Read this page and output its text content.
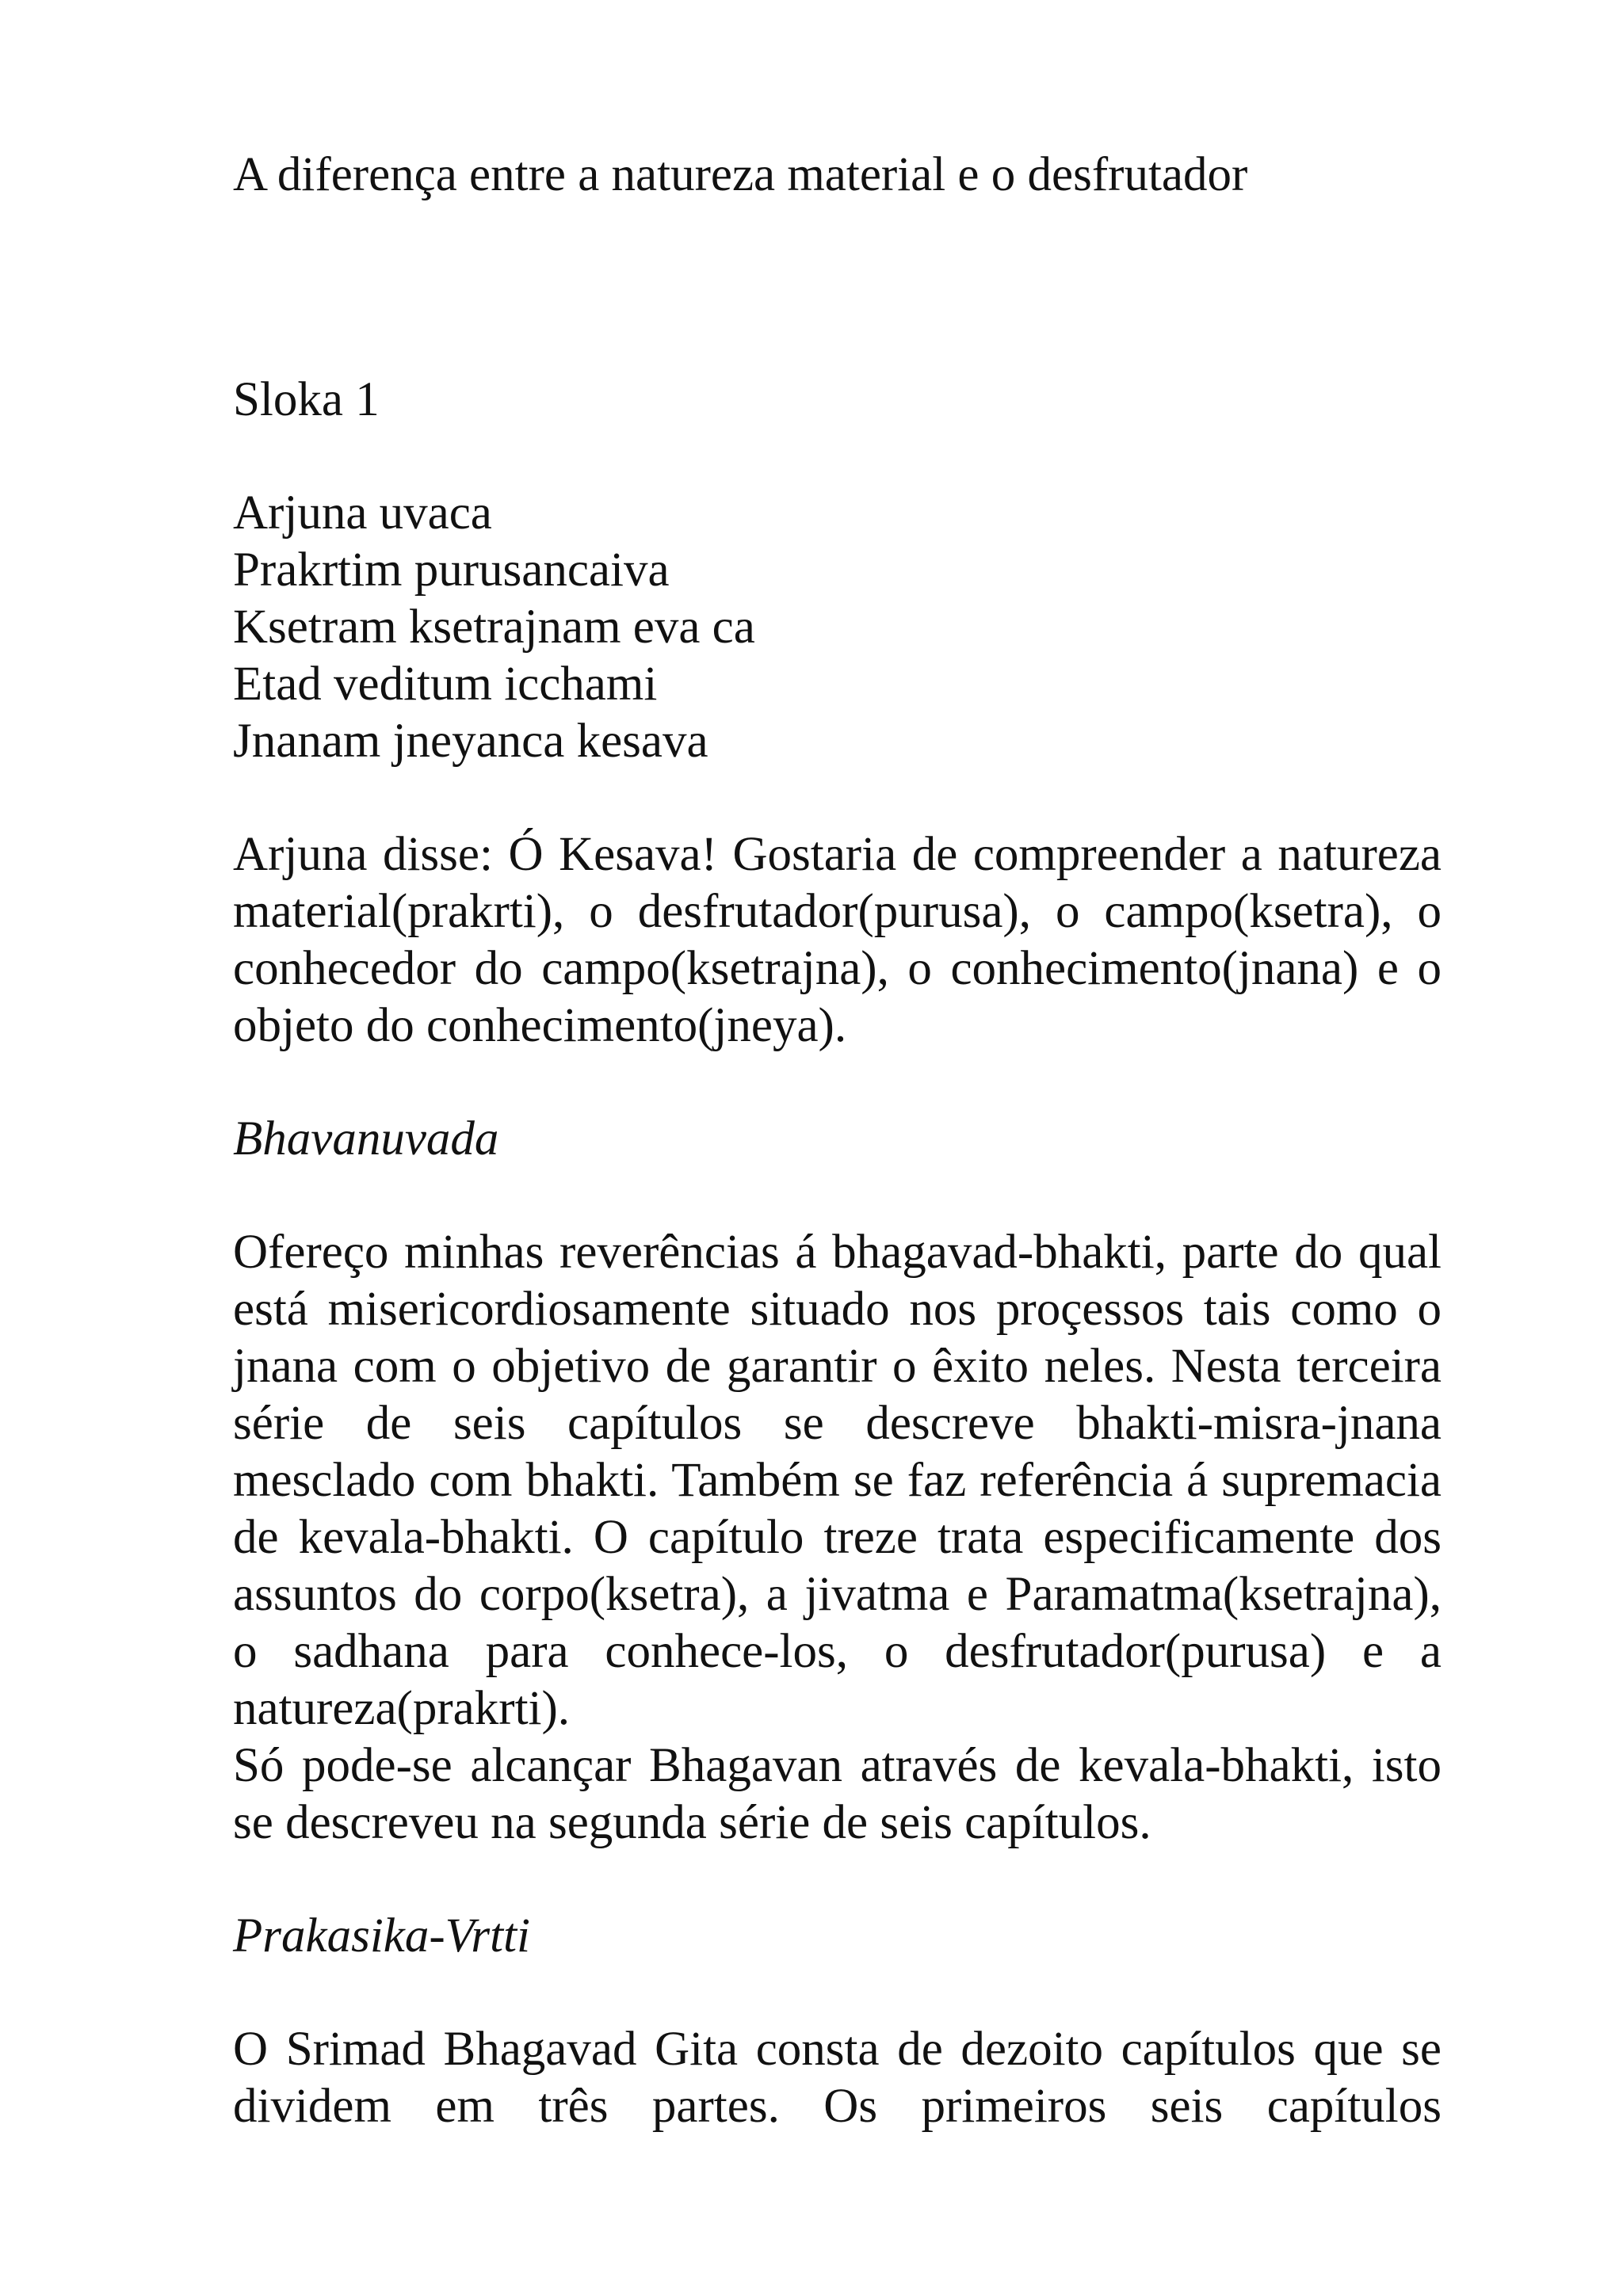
A diferença entre a natureza material e o desfrutador
Sloka 1
Arjuna uvaca
Prakrtim purusancaiva
Ksetram ksetrajnam eva ca
Etad veditum icchami
Jnanam jneyanca kesava

Arjuna disse: Ó Kesava! Gostaria de compreender a natureza material(prakrti), o desfrutador(purusa), o campo(ksetra), o conhecedor do campo(ksetrajna), o conhecimento(jnana) e o objeto do conhecimento(jneya).

Bhavanuvada

Ofereço minhas reverências á bhagavad-bhakti, parte do qual está misericordiosamente situado nos proçessos tais como o jnana com o objetivo de garantir o êxito neles. Nesta terceira série de seis capítulos se descreve bhakti-misra-jnana mesclado com bhakti. Também se faz referência á supremacia de kevala-bhakti. O capítulo treze trata especificamente dos assuntos do corpo(ksetra), a jivatma e Paramatma(ksetrajna), o sadhana para conhece-los, o desfrutador(purusa) e a natureza(prakrti).

Só pode-se alcançar Bhagavan através de kevala-bhakti, isto se descreveu na segunda série de seis capítulos.

Prakasika-Vrtti

O Srimad Bhagavad Gita consta de dezoito capítulos que se dividem em três partes. Os primeiros seis capítulos
